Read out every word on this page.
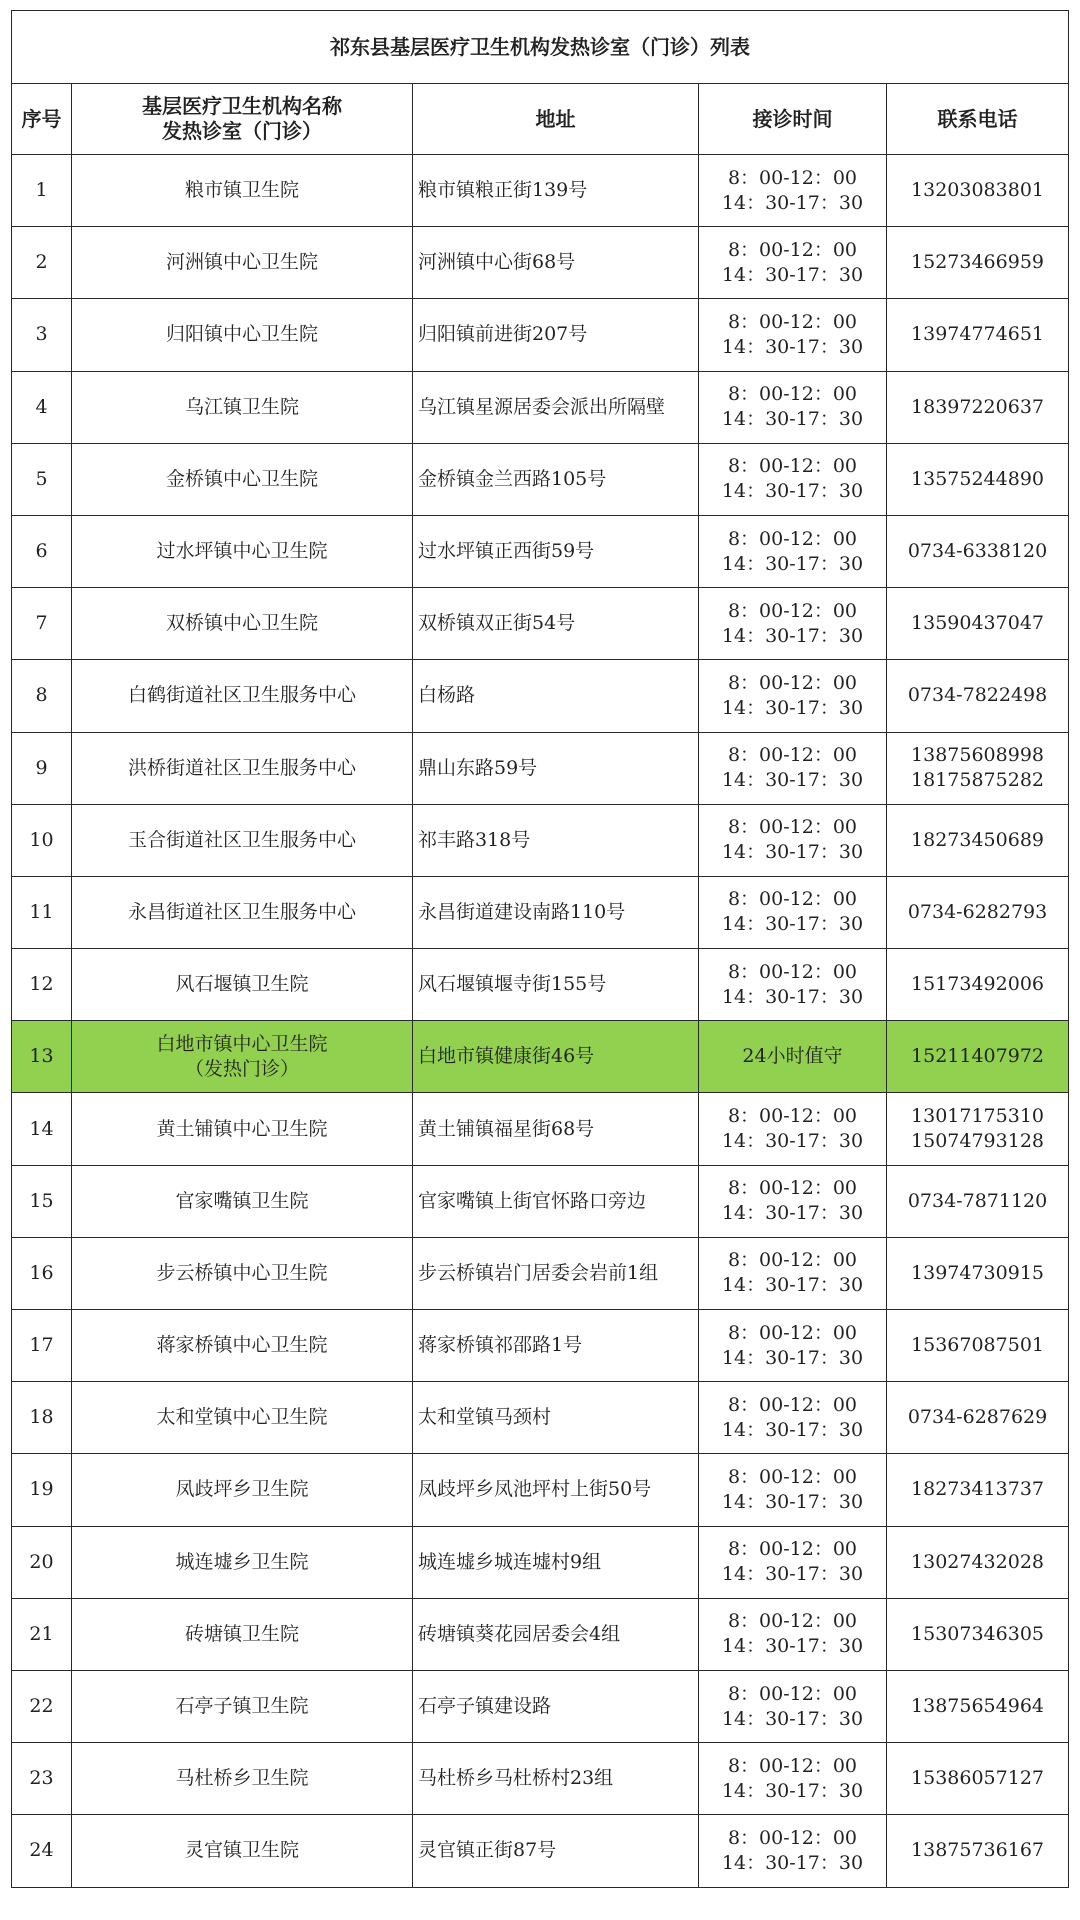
祁东县基层医疗卫生机构发热诊室（门诊）列表				
序号	基层医疗卫生机构名称
发热诊室（门诊）	地址	接诊时间	联系电话

1	粮市镇卫生院	粮市镇粮正街139号	8：00-12：00
14：30-17：30	13203083801

2	河洲镇中心卫生院	河洲镇中心街68号	8：00-12：00
14：30-17：30	15273466959

3	归阳镇中心卫生院	归阳镇前进街207号	8：00-12：00
14：30-17：30	13974774651

4	乌江镇卫生院	乌江镇星源居委会派出所隔壁	8：00-12：00
14：30-17：30	18397220637

5	金桥镇中心卫生院	金桥镇金兰西路105号	8：00-12：00
14：30-17：30	13575244890

6	过水坪镇中心卫生院	过水坪镇正西街59号	8：00-12：00
14：30-17：30	0734-6338120

7	双桥镇中心卫生院	双桥镇双正街54号	8：00-12：00
14：30-17：30	13590437047

8	白鹤街道社区卫生服务中心	白杨路	8：00-12：00
14：30-17：30	0734-7822498

9	洪桥街道社区卫生服务中心	鼎山东路59号	8：00-12：00
14：30-17：30	13875608998
18175875282

10	玉合街道社区卫生服务中心	祁丰路318号	8：00-12：00
14：30-17：30	18273450689

11	永昌街道社区卫生服务中心	永昌街道建设南路110号	8：00-12：00
14：30-17：30	0734-6282793

12	风石堰镇卫生院	风石堰镇堰寺街155号	8：00-12：00
14：30-17：30	15173492006

13	白地市镇中心卫生院
（发热门诊）	白地市镇健康街46号	24小时值守	15211407972

14	黄土铺镇中心卫生院	黄土铺镇福星街68号	8：00-12：00
14：30-17：30	13017175310
15074793128

15	官家嘴镇卫生院	官家嘴镇上街官怀路口旁边	8：00-12：00
14：30-17：30	0734-7871120

16	步云桥镇中心卫生院	步云桥镇岩门居委会岩前1组	8：00-12：00
14：30-17：30	13974730915

17	蒋家桥镇中心卫生院	蒋家桥镇祁邵路1号	8：00-12：00
14：30-17：30	15367087501

18	太和堂镇中心卫生院	太和堂镇马颈村	8：00-12：00
14：30-17：30	0734-6287629

19	凤歧坪乡卫生院	凤歧坪乡凤池坪村上街50号	8：00-12：00
14：30-17：30	18273413737

20	城连墟乡卫生院	城连墟乡城连墟村9组	8：00-12：00
14：30-17：30	13027432028

21	砖塘镇卫生院	砖塘镇葵花园居委会4组	8：00-12：00
14：30-17：30	15307346305

22	石亭子镇卫生院	石亭子镇建设路	8：00-12：00
14：30-17：30	13875654964

23	马杜桥乡卫生院	马杜桥乡马杜桥村23组	8：00-12：00
14：30-17：30	15386057127

24	灵官镇卫生院	灵官镇正街87号	8：00-12：00
14：30-17：30	13875736167
